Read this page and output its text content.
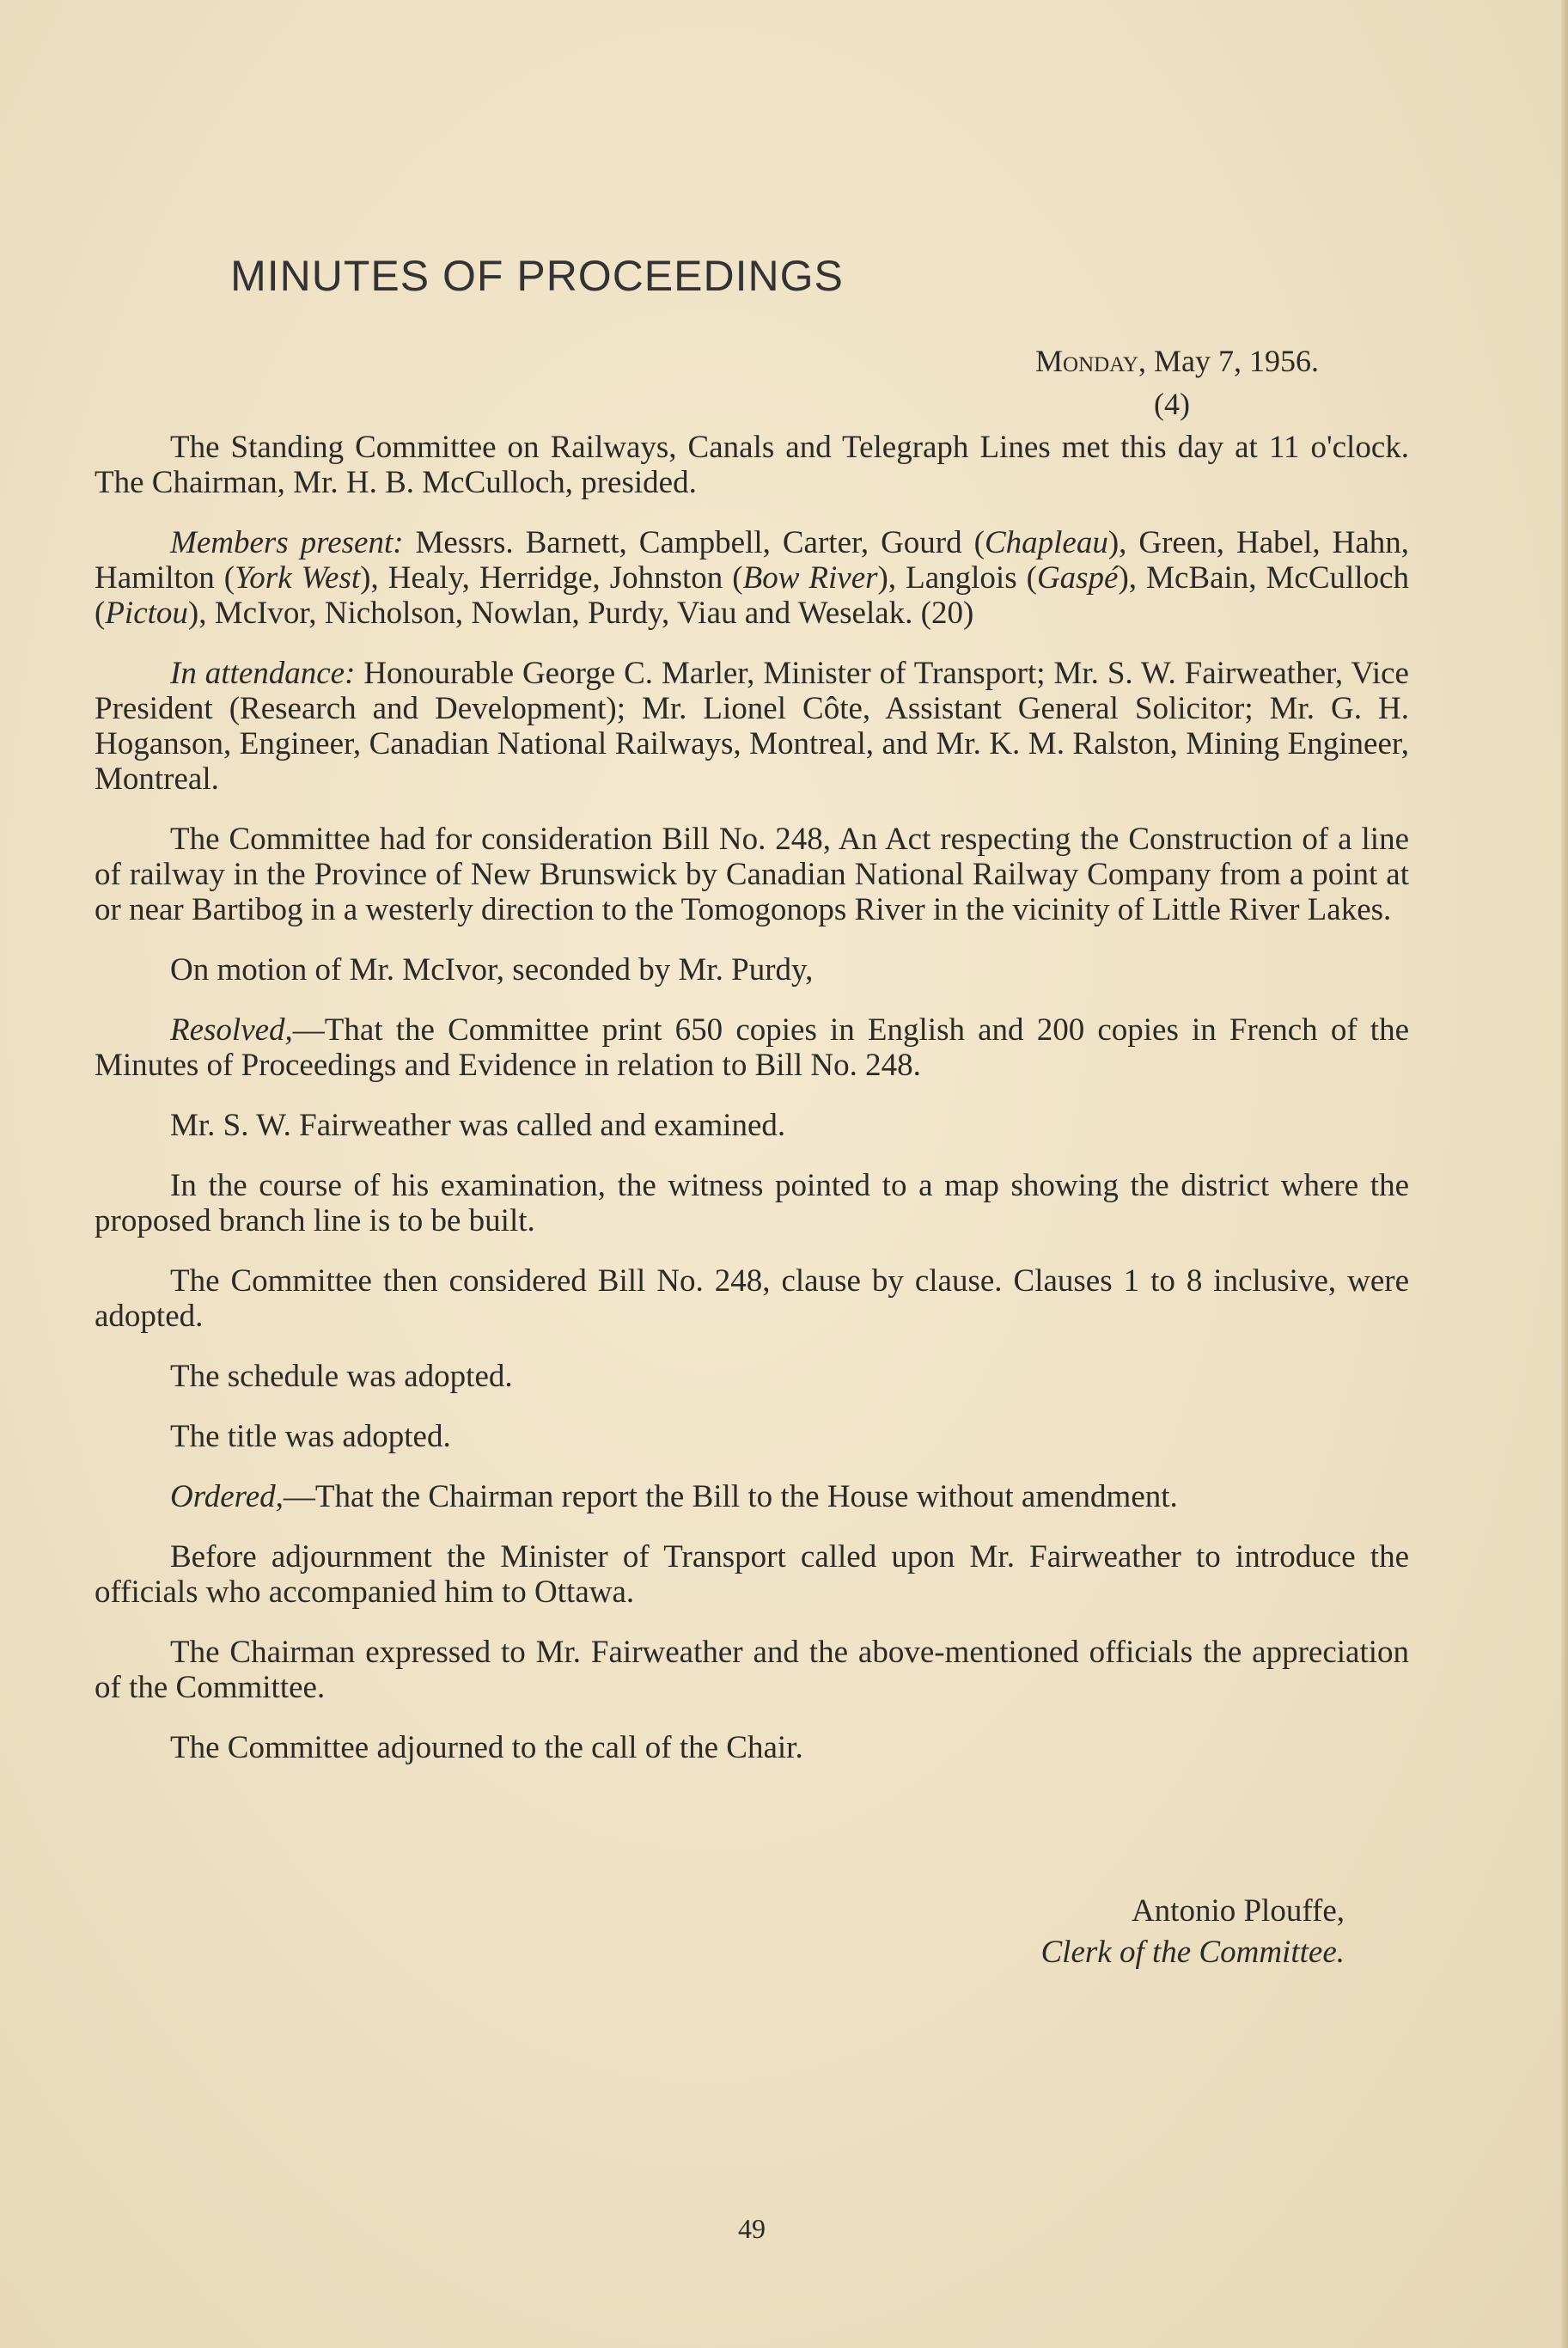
MINUTES OF PROCEEDINGS
Monday, May 7, 1956.
(4)

The Standing Committee on Railways, Canals and Telegraph Lines met this day at 11 o'clock. The Chairman, Mr. H. B. McCulloch, presided.

Members present: Messrs. Barnett, Campbell, Carter, Gourd (Chapleau), Green, Habel, Hahn, Hamilton (York West), Healy, Herridge, Johnston (Bow River), Langlois (Gaspé), McBain, McCulloch (Pictou), McIvor, Nicholson, Nowlan, Purdy, Viau and Weselak. (20)

In attendance: Honourable George C. Marler, Minister of Transport; Mr. S. W. Fairweather, Vice President (Research and Development); Mr. Lionel Côte, Assistant General Solicitor; Mr. G. H. Hoganson, Engineer, Canadian National Railways, Montreal, and Mr. K. M. Ralston, Mining Engineer, Montreal.

The Committee had for consideration Bill No. 248, An Act respecting the Construction of a line of railway in the Province of New Brunswick by Canadian National Railway Company from a point at or near Bartibog in a westerly direction to the Tomogonops River in the vicinity of Little River Lakes.

On motion of Mr. McIvor, seconded by Mr. Purdy,

Resolved,—That the Committee print 650 copies in English and 200 copies in French of the Minutes of Proceedings and Evidence in relation to Bill No. 248.

Mr. S. W. Fairweather was called and examined.

In the course of his examination, the witness pointed to a map showing the district where the proposed branch line is to be built.

The Committee then considered Bill No. 248, clause by clause. Clauses 1 to 8 inclusive, were adopted.

The schedule was adopted.

The title was adopted.

Ordered,—That the Chairman report the Bill to the House without amendment.

Before adjournment the Minister of Transport called upon Mr. Fairweather to introduce the officials who accompanied him to Ottawa.

The Chairman expressed to Mr. Fairweather and the above-mentioned officials the appreciation of the Committee.

The Committee adjourned to the call of the Chair.

Antonio Plouffe,
Clerk of the Committee.
49
